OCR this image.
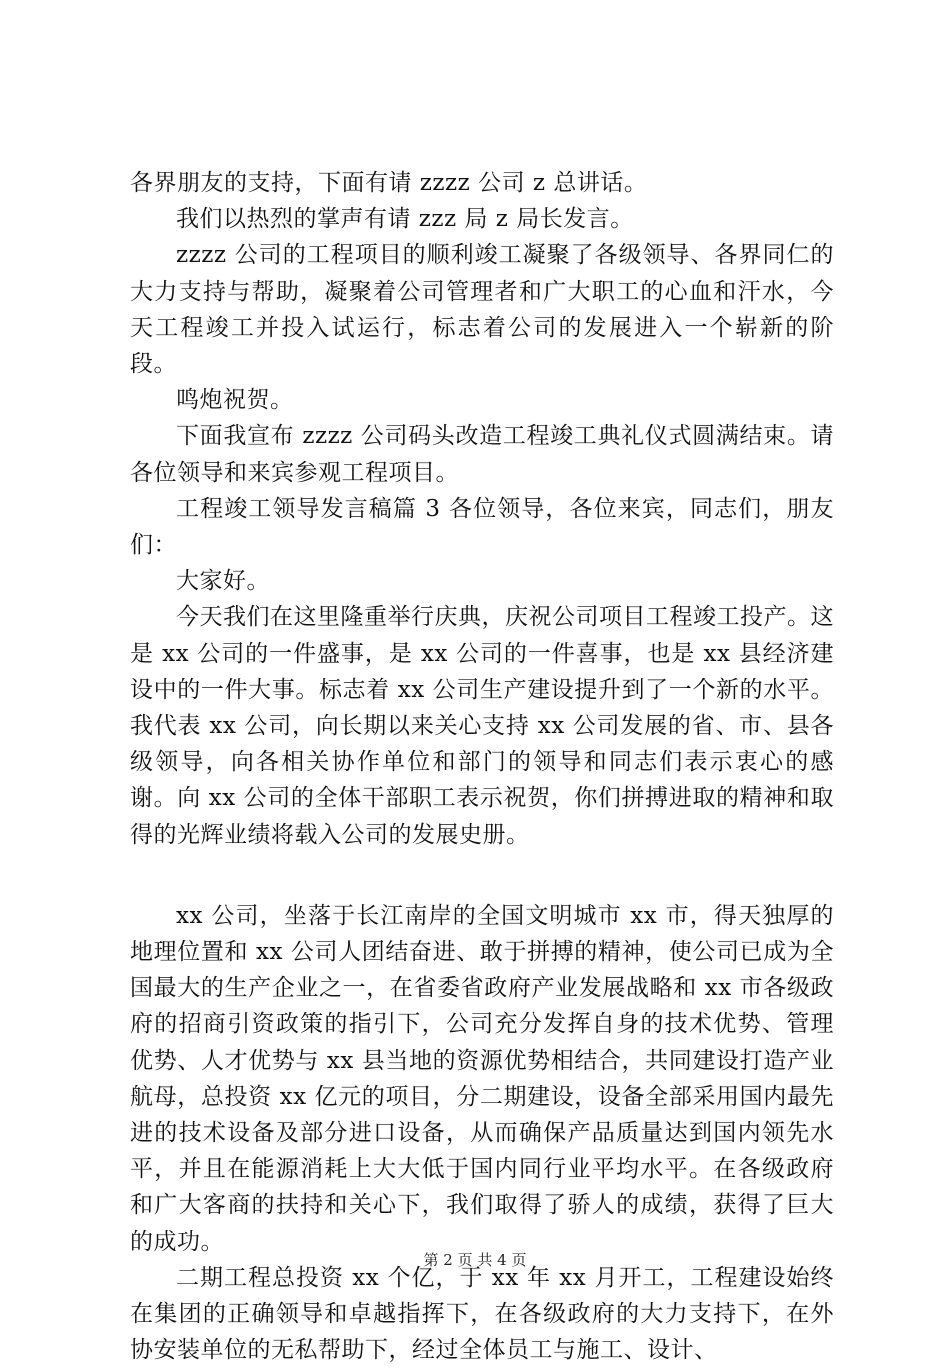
各界朋友的支持，下面有请 zzzz 公司 z 总讲话。

我们以热烈的掌声有请 zzz 局 z 局长发言。

zzzz 公司的工程项目的顺利竣工凝聚了各级领导、各界同仁的大力支持与帮助，凝聚着公司管理者和广大职工的心血和汗水，今天工程竣工并投入试运行，标志着公司的发展进入一个崭新的阶段。

鸣炮祝贺。

下面我宣布 zzzz 公司码头改造工程竣工典礼仪式圆满结束。请各位领导和来宾参观工程项目。

工程竣工领导发言稿篇 3 各位领导，各位来宾，同志们，朋友们：

大家好。

今天我们在这里隆重举行庆典，庆祝公司项目工程竣工投产。这是 xx 公司的一件盛事，是 xx 公司的一件喜事，也是 xx 县经济建设中的一件大事。标志着 xx 公司生产建设提升到了一个新的水平。我代表 xx 公司，向长期以来关心支持 xx 公司发展的省、市、县各级领导，向各相关协作单位和部门的领导和同志们表示衷心的感谢。向 xx 公司的全体干部职工表示祝贺，你们拼搏进取的精神和取得的光辉业绩将载入公司的发展史册。

xx 公司，坐落于长江南岸的全国文明城市 xx 市，得天独厚的地理位置和 xx 公司人团结奋进、敢于拼搏的精神，使公司已成为全国最大的生产企业之一，在省委省政府产业发展战略和 xx 市各级政府的招商引资政策的指引下，公司充分发挥自身的技术优势、管理优势、人才优势与 xx 县当地的资源优势相结合，共同建设打造产业航母，总投资 xx 亿元的项目，分二期建设，设备全部采用国内最先进的技术设备及部分进口设备，从而确保产品质量达到国内领先水平，并且在能源消耗上大大低于国内同行业平均水平。在各级政府和广大客商的扶持和关心下，我们取得了骄人的成绩，获得了巨大的成功。

二期工程总投资 xx 个亿，于 xx 年 xx 月开工，工程建设始终在集团的正确领导和卓越指挥下，在各级政府的大力支持下，在外协安装单位的无私帮助下，经过全体员工与施工、设计、

第 2 页 共 4 页
